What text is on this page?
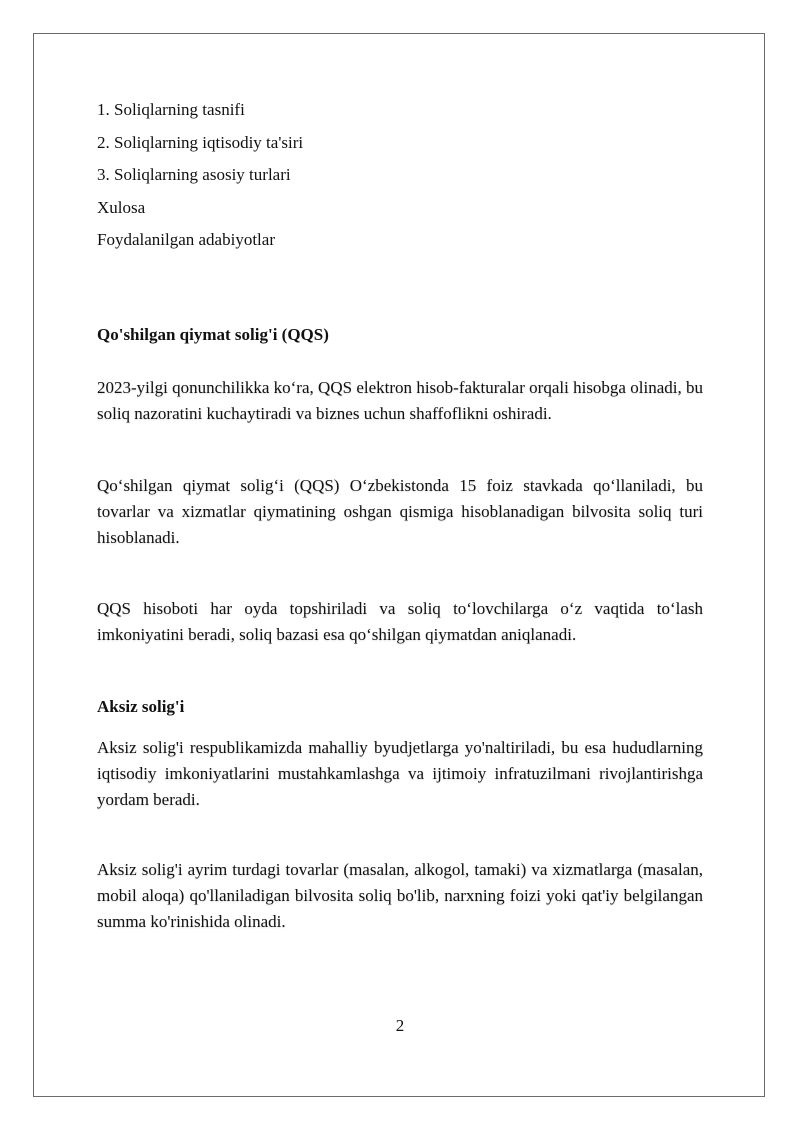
1. Soliqlarning tasnifi
2. Soliqlarning iqtisodiy ta'siri
3. Soliqlarning asosiy turlari
Xulosa
Foydalanilgan adabiyotlar
Qo'shilgan qiymat solig'i (QQS)

2023-yilgi qonunchilikka ko‘ra, QQS elektron hisob-fakturalar orqali hisobga olinadi, bu soliq nazoratini kuchaytiradi va biznes uchun shaffoflikni oshiradi.

Qo‘shilgan qiymat solig‘i (QQS) O‘zbekistonda 15 foiz stavkada qo‘llaniladi, bu tovarlar va xizmatlar qiymatining oshgan qismiga hisoblanadigan bilvosita soliq turi hisoblanadi.

QQS hisoboti har oyda topshiriladi va soliq to‘lovchilarga o‘z vaqtida to‘lash imkoniyatini beradi, soliq bazasi esa qo‘shilgan qiymatdan aniqlanadi.

Aksiz solig'i

Aksiz solig'i respublikamizda mahalliy byudjetlarga yo'naltiriladi, bu esa hududlarning iqtisodiy imkoniyatlarini mustahkamlashga va ijtimoiy infratuzilmani rivojlantirishga yordam beradi.

Aksiz solig'i ayrim turdagi tovarlar (masalan, alkogol, tamaki) va xizmatlarga (masalan, mobil aloqa) qo'llaniladigan bilvosita soliq bo'lib, narxning foizi yoki qat'iy belgilangan summa ko'rinishida olinadi.

2
